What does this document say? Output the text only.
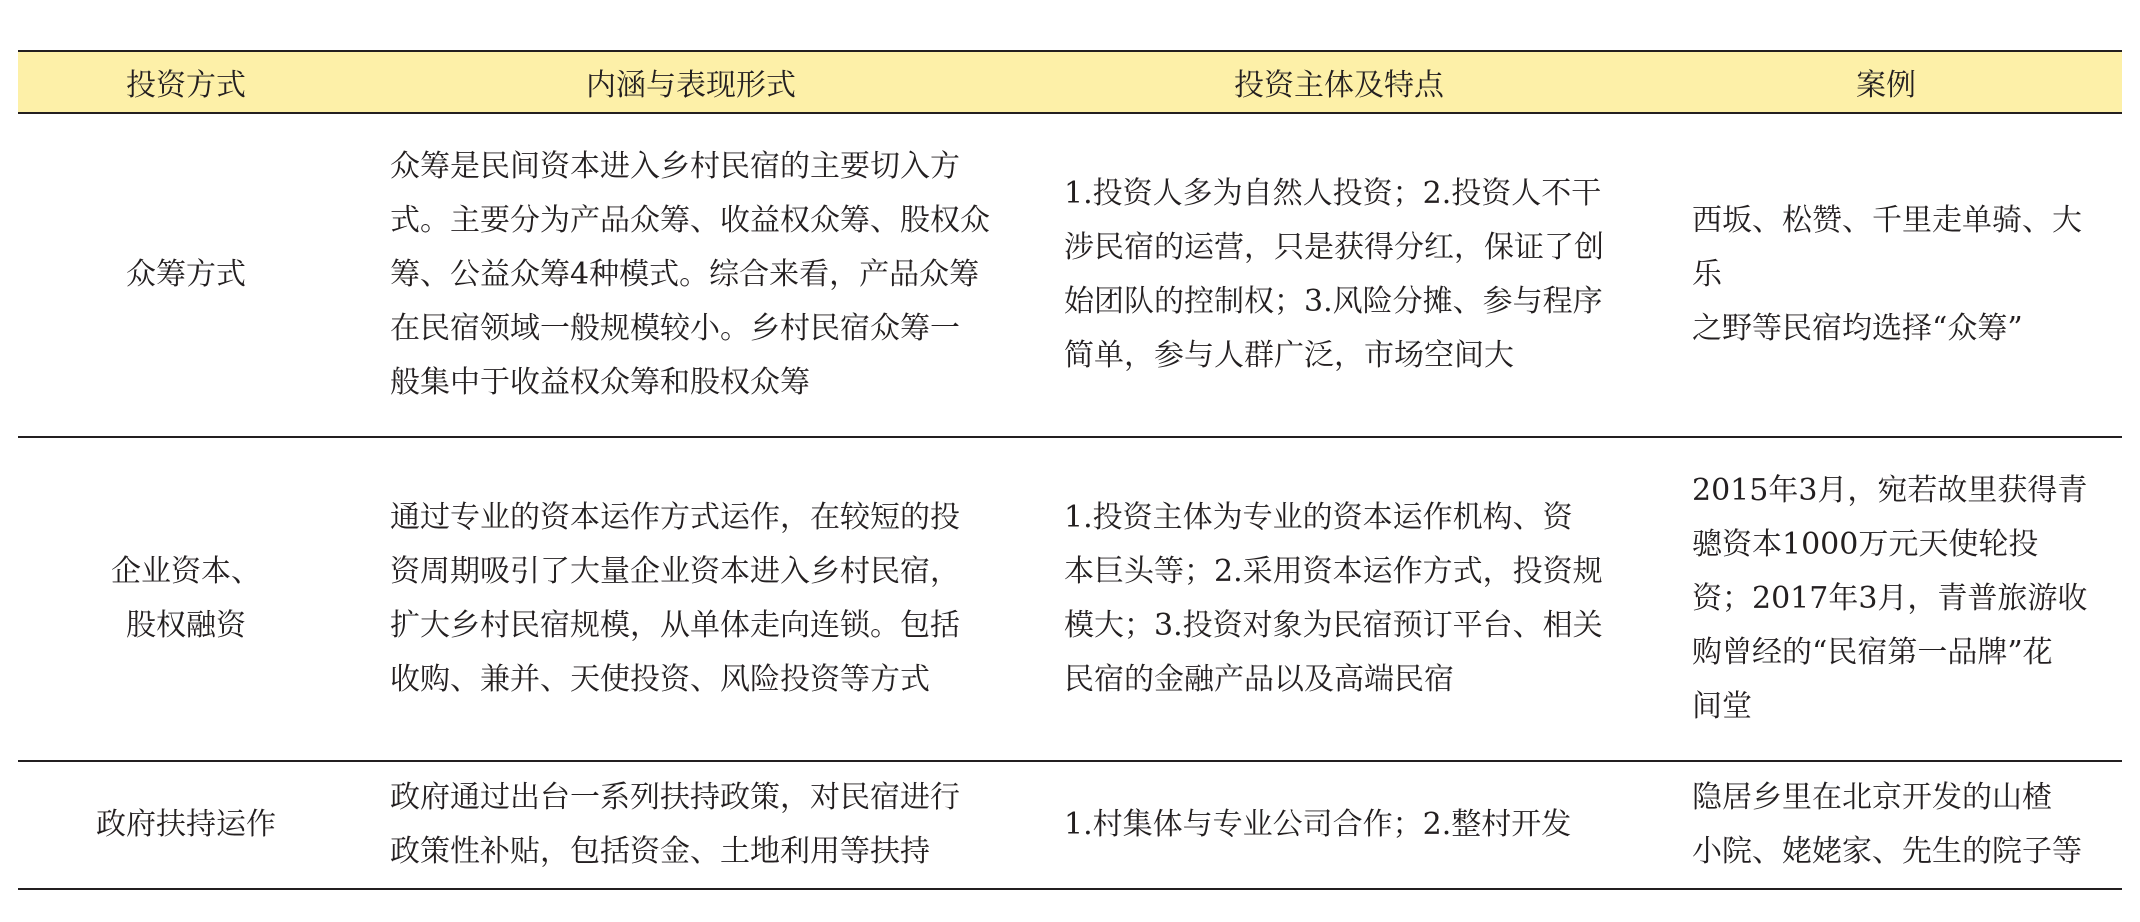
投资方式	内涵与表现形式	投资主体及特点	案例

众筹方式	众筹是民间资本进入乡村民宿的主要切入方
式。主要分为产品众筹、收益权众筹、股权众
筹、公益众筹4种模式。综合来看，产品众筹
在民宿领域一般规模较小。乡村民宿众筹一
般集中于收益权众筹和股权众筹	1.投资人多为自然人投资；2.投资人不干
涉民宿的运营，只是获得分红，保证了创
始团队的控制权；3.风险分摊、参与程序
简单，参与人群广泛，市场空间大	西坂、松赞、千里走单骑、大乐
之野等民宿均选择“众筹”

企业资本、
股权融资	通过专业的资本运作方式运作，在较短的投
资周期吸引了大量企业资本进入乡村民宿，
扩大乡村民宿规模，从单体走向连锁。包括
收购、兼并、天使投资、风险投资等方式	1.投资主体为专业的资本运作机构、资
本巨头等；2.采用资本运作方式，投资规
模大；3.投资对象为民宿预订平台、相关
民宿的金融产品以及高端民宿	2015年3月，宛若故里获得青
骢资本1000万元天使轮投
资；2017年3月，青普旅游收
购曾经的“民宿第一品牌”花
间堂

政府扶持运作	政府通过出台一系列扶持政策，对民宿进行
政策性补贴，包括资金、土地利用等扶持	1.村集体与专业公司合作；2.整村开发	隐居乡里在北京开发的山楂
小院、姥姥家、先生的院子等
